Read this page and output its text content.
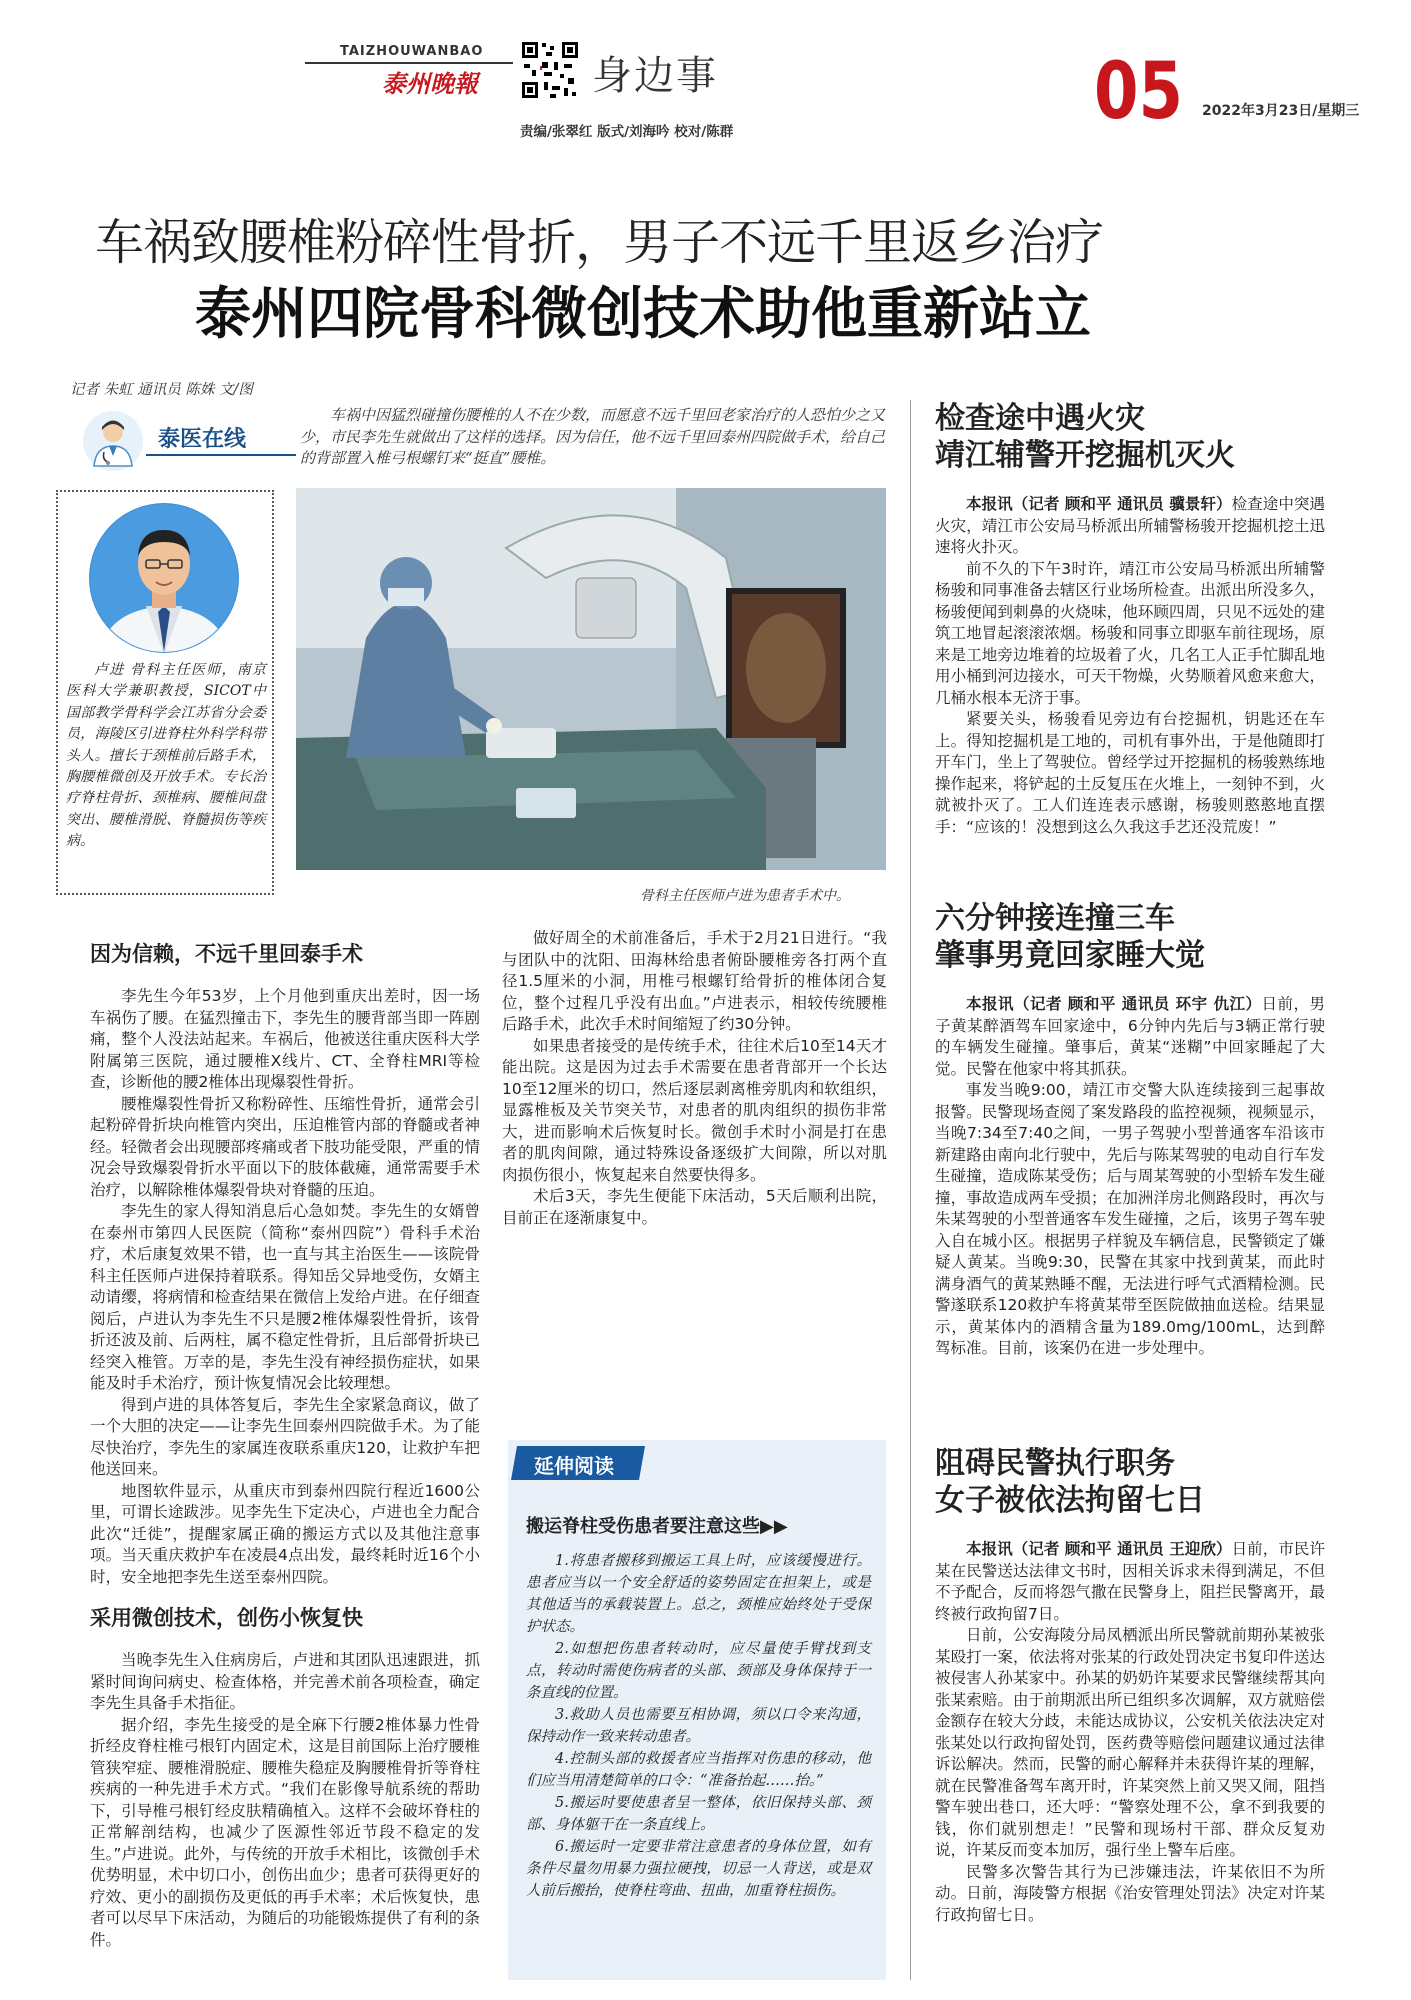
TAIZHOUWANBAO
泰州晚報	身边事
责编/张翠红 版式/刘海吟 校对/陈群	05 2022年3月23日/星期三
车祸致腰椎粉碎性骨折，男子不远千里返乡治疗
泰州四院骨科微创技术助他重新站立
记者 朱虹 通讯员 陈姝 文/图
泰医在线

车祸中因猛烈碰撞伤腰椎的人不在少数，而愿意不远千里回老家治疗的人恐怕少之又少，市民李先生就做出了这样的选择。因为信任，他不远千里回泰州四院做手术，给自己的背部置入椎弓根螺钉来“挺直”腰椎。

卢进 骨科主任医师，南京医科大学兼职教授，SICOT中国部教学骨科学会江苏省分会委员，海陵区引进脊柱外科学科带头人。擅长于颈椎前后路手术，胸腰椎微创及开放手术。专长治疗脊柱骨折、颈椎病、腰椎间盘突出、腰椎滑脱、脊髓损伤等疾病。

骨科主任医师卢进为患者手术中。
因为信赖，不远千里回泰手术

李先生今年53岁，上个月他到重庆出差时，因一场车祸伤了腰。在猛烈撞击下，李先生的腰背部当即一阵剧痛，整个人没法站起来。车祸后，他被送往重庆医科大学附属第三医院，通过腰椎X线片、CT、全脊柱MRI等检查，诊断他的腰2椎体出现爆裂性骨折。

腰椎爆裂性骨折又称粉碎性、压缩性骨折，通常会引起粉碎骨折块向椎管内突出，压迫椎管内部的脊髓或者神经。轻微者会出现腰部疼痛或者下肢功能受限，严重的情况会导致爆裂骨折水平面以下的肢体截瘫，通常需要手术治疗，以解除椎体爆裂骨块对脊髓的压迫。

李先生的家人得知消息后心急如焚。李先生的女婿曾在泰州市第四人民医院（简称“泰州四院”）骨科手术治疗，术后康复效果不错，也一直与其主治医生——该院骨科主任医师卢进保持着联系。得知岳父异地受伤，女婿主动请缨，将病情和检查结果在微信上发给卢进。在仔细查阅后，卢进认为李先生不只是腰2椎体爆裂性骨折，该骨折还波及前、后两柱，属不稳定性骨折，且后部骨折块已经突入椎管。万幸的是，李先生没有神经损伤症状，如果能及时手术治疗，预计恢复情况会比较理想。

得到卢进的具体答复后，李先生全家紧急商议，做了一个大胆的决定——让李先生回泰州四院做手术。为了能尽快治疗，李先生的家属连夜联系重庆120，让救护车把他送回来。

地图软件显示，从重庆市到泰州四院行程近1600公里，可谓长途跋涉。见李先生下定决心，卢进也全力配合此次“迁徙”，提醒家属正确的搬运方式以及其他注意事项。当天重庆救护车在凌晨4点出发，最终耗时近16个小时，安全地把李先生送至泰州四院。

采用微创技术，创伤小恢复快

当晚李先生入住病房后，卢进和其团队迅速跟进，抓紧时间询问病史、检查体格，并完善术前各项检查，确定李先生具备手术指征。

据介绍，李先生接受的是全麻下行腰2椎体暴力性骨折经皮脊柱椎弓根钉内固定术，这是目前国际上治疗腰椎管狭窄症、腰椎滑脱症、腰椎失稳症及胸腰椎骨折等脊柱疾病的一种先进手术方式。“我们在影像导航系统的帮助下，引导椎弓根钉经皮肤精确植入。这样不会破坏脊柱的正常解剖结构，也减少了医源性邻近节段不稳定的发生。”卢进说。此外，与传统的开放手术相比，该微创手术优势明显，术中切口小，创伤出血少；患者可获得更好的疗效、更小的副损伤及更低的再手术率；术后恢复快，患者可以尽早下床活动，为随后的功能锻炼提供了有利的条件。

做好周全的术前准备后，手术于2月21日进行。“我与团队中的沈阳、田海林给患者俯卧腰椎旁各打两个直径1.5厘米的小洞，用椎弓根螺钉给骨折的椎体闭合复位，整个过程几乎没有出血。”卢进表示，相较传统腰椎后路手术，此次手术时间缩短了约30分钟。

如果患者接受的是传统手术，往往术后10至14天才能出院。这是因为过去手术需要在患者背部开一个长达10至12厘米的切口，然后逐层剥离椎旁肌肉和软组织，显露椎板及关节突关节，对患者的肌肉组织的损伤非常大，进而影响术后恢复时长。微创手术时小洞是打在患者的肌肉间隙，通过特殊设备逐级扩大间隙，所以对肌肉损伤很小，恢复起来自然要快得多。

术后3天，李先生便能下床活动，5天后顺利出院，目前正在逐渐康复中。

延伸阅读
搬运脊柱受伤患者要注意这些▶▶

1.将患者搬移到搬运工具上时，应该缓慢进行。患者应当以一个安全舒适的姿势固定在担架上，或是其他适当的承载装置上。总之，颈椎应始终处于受保护状态。

2.如想把伤患者转动时，应尽量使手臂找到支点，转动时需使伤病者的头部、颈部及身体保持于一条直线的位置。

3.救助人员也需要互相协调，须以口令来沟通，保持动作一致来转动患者。

4.控制头部的救援者应当指挥对伤患的移动，他们应当用清楚简单的口令：“准备抬起……抬。”

5.搬运时要使患者呈一整体，依旧保持头部、颈部、身体躯干在一条直线上。

6.搬运时一定要非常注意患者的身体位置，如有条件尽量勿用暴力强拉硬拽，切忌一人背送，或是双人前后搬抬，使脊柱弯曲、扭曲，加重脊柱损伤。

检查途中遇火灾
靖江辅警开挖掘机灭火

本报讯（记者 顾和平 通讯员 骥景轩）检查途中突遇火灾，靖江市公安局马桥派出所辅警杨骏开挖掘机挖土迅速将火扑灭。

前不久的下午3时许，靖江市公安局马桥派出所辅警杨骏和同事准备去辖区行业场所检查。出派出所没多久，杨骏便闻到刺鼻的火烧味，他环顾四周，只见不远处的建筑工地冒起滚滚浓烟。杨骏和同事立即驱车前往现场，原来是工地旁边堆着的垃圾着了火，几名工人正手忙脚乱地用小桶到河边接水，可天干物燥，火势顺着风愈来愈大，几桶水根本无济于事。

紧要关头，杨骏看见旁边有台挖掘机，钥匙还在车上。得知挖掘机是工地的，司机有事外出，于是他随即打开车门，坐上了驾驶位。曾经学过开挖掘机的杨骏熟练地操作起来，将铲起的土反复压在火堆上，一刻钟不到，火就被扑灭了。工人们连连表示感谢，杨骏则憨憨地直摆手：“应该的！没想到这么久我这手艺还没荒废！”

六分钟接连撞三车
肇事男竟回家睡大觉

本报讯（记者 顾和平 通讯员 环宇 仇江）日前，男子黄某醉酒驾车回家途中，6分钟内先后与3辆正常行驶的车辆发生碰撞。肇事后，黄某“迷糊”中回家睡起了大觉。民警在他家中将其抓获。

事发当晚9:00，靖江市交警大队连续接到三起事故报警。民警现场查阅了案发路段的监控视频，视频显示，当晚7:34至7:40之间，一男子驾驶小型普通客车沿该市新建路由南向北行驶中，先后与陈某驾驶的电动自行车发生碰撞，造成陈某受伤；后与周某驾驶的小型轿车发生碰撞，事故造成两车受损；在加洲洋房北侧路段时，再次与朱某驾驶的小型普通客车发生碰撞，之后，该男子驾车驶入自在城小区。根据男子样貌及车辆信息，民警锁定了嫌疑人黄某。当晚9:30，民警在其家中找到黄某，而此时满身酒气的黄某熟睡不醒，无法进行呼气式酒精检测。民警遂联系120救护车将黄某带至医院做抽血送检。结果显示，黄某体内的酒精含量为189.0mg/100mL，达到醉驾标准。目前，该案仍在进一步处理中。

阻碍民警执行职务
女子被依法拘留七日

本报讯（记者 顾和平 通讯员 王迎欣）日前，市民许某在民警送达法律文书时，因相关诉求未得到满足，不但不予配合，反而将怨气撒在民警身上，阻拦民警离开，最终被行政拘留7日。

日前，公安海陵分局凤栖派出所民警就前期孙某被张某殴打一案，依法将对张某的行政处罚决定书复印件送达被侵害人孙某家中。孙某的奶奶许某要求民警继续帮其向张某索赔。由于前期派出所已组织多次调解，双方就赔偿金额存在较大分歧，未能达成协议，公安机关依法决定对张某处以行政拘留处罚，医药费等赔偿问题建议通过法律诉讼解决。然而，民警的耐心解释并未获得许某的理解，就在民警准备驾车离开时，许某突然上前又哭又闹，阻挡警车驶出巷口，还大呼：“警察处理不公，拿不到我要的钱，你们就别想走！”民警和现场村干部、群众反复劝说，许某反而变本加厉，强行坐上警车后座。

民警多次警告其行为已涉嫌违法，许某依旧不为所动。日前，海陵警方根据《治安管理处罚法》决定对许某行政拘留七日。
